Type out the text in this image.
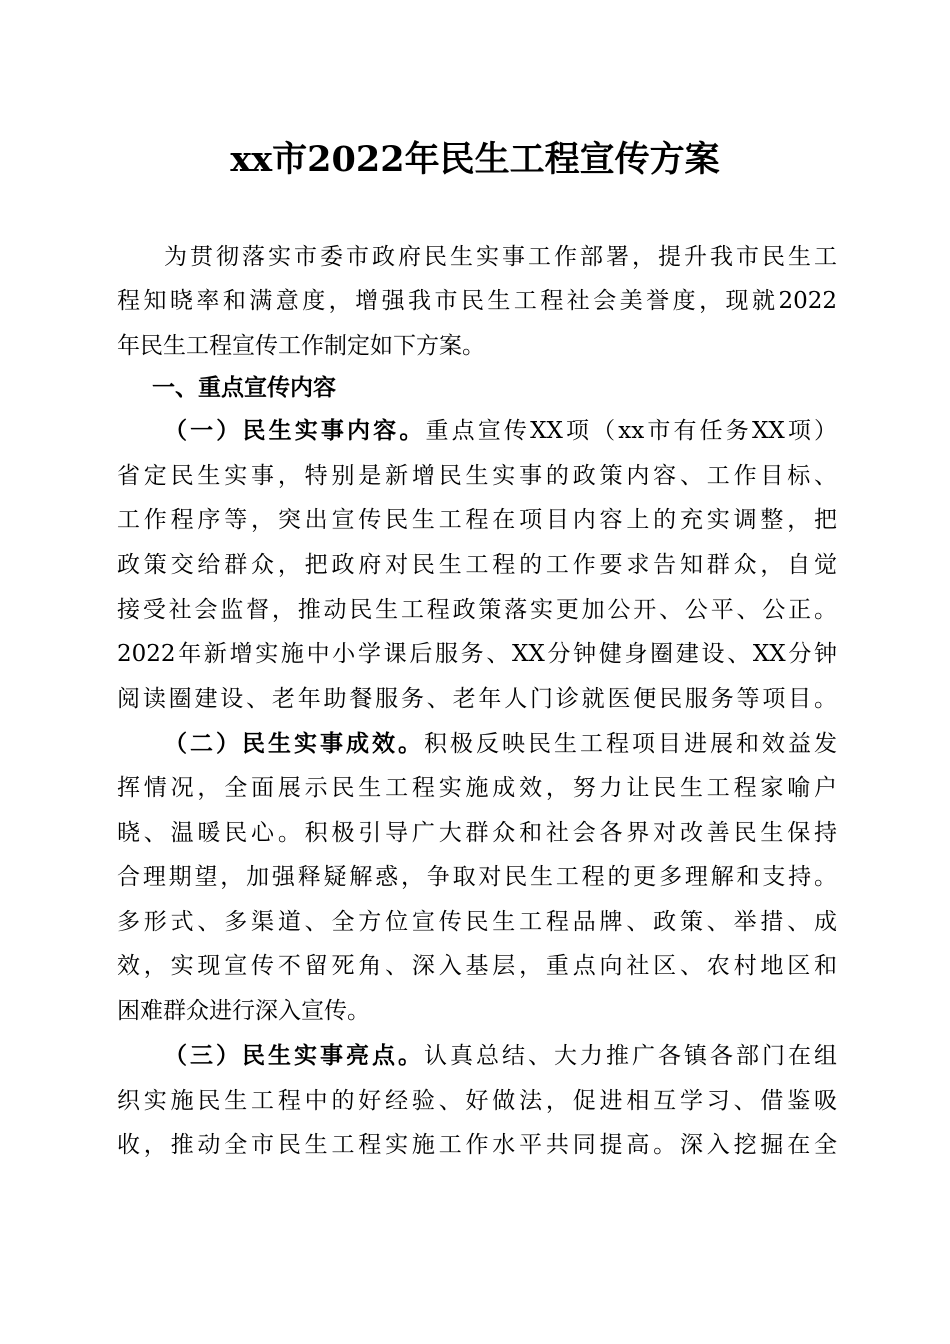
xx市2022年民生工程宣传方案
为贯彻落实市委市政府民生实事工作部署，提升我市民生工
程知晓率和满意度，增强我市民生工程社会美誉度，现就2022
年民生工程宣传工作制定如下方案。
一、重点宣传内容
（一）民生实事内容。重点宣传XX项（xx市有任务XX项）
省定民生实事，特别是新增民生实事的政策内容、工作目标、
工作程序等，突出宣传民生工程在项目内容上的充实调整，把
政策交给群众，把政府对民生工程的工作要求告知群众，自觉
接受社会监督，推动民生工程政策落实更加公开、公平、公正。
2022年新增实施中小学课后服务、XX分钟健身圈建设、XX分钟
阅读圈建设、老年助餐服务、老年人门诊就医便民服务等项目。
（二）民生实事成效。积极反映民生工程项目进展和效益发
挥情况，全面展示民生工程实施成效，努力让民生工程家喻户
晓、温暖民心。积极引导广大群众和社会各界对改善民生保持
合理期望，加强释疑解惑，争取对民生工程的更多理解和支持。
多形式、多渠道、全方位宣传民生工程品牌、政策、举措、成
效，实现宣传不留死角、深入基层，重点向社区、农村地区和
困难群众进行深入宣传。
（三）民生实事亮点。认真总结、大力推广各镇各部门在组
织实施民生工程中的好经验、好做法，促进相互学习、借鉴吸
收，推动全市民生工程实施工作水平共同提高。深入挖掘在全
